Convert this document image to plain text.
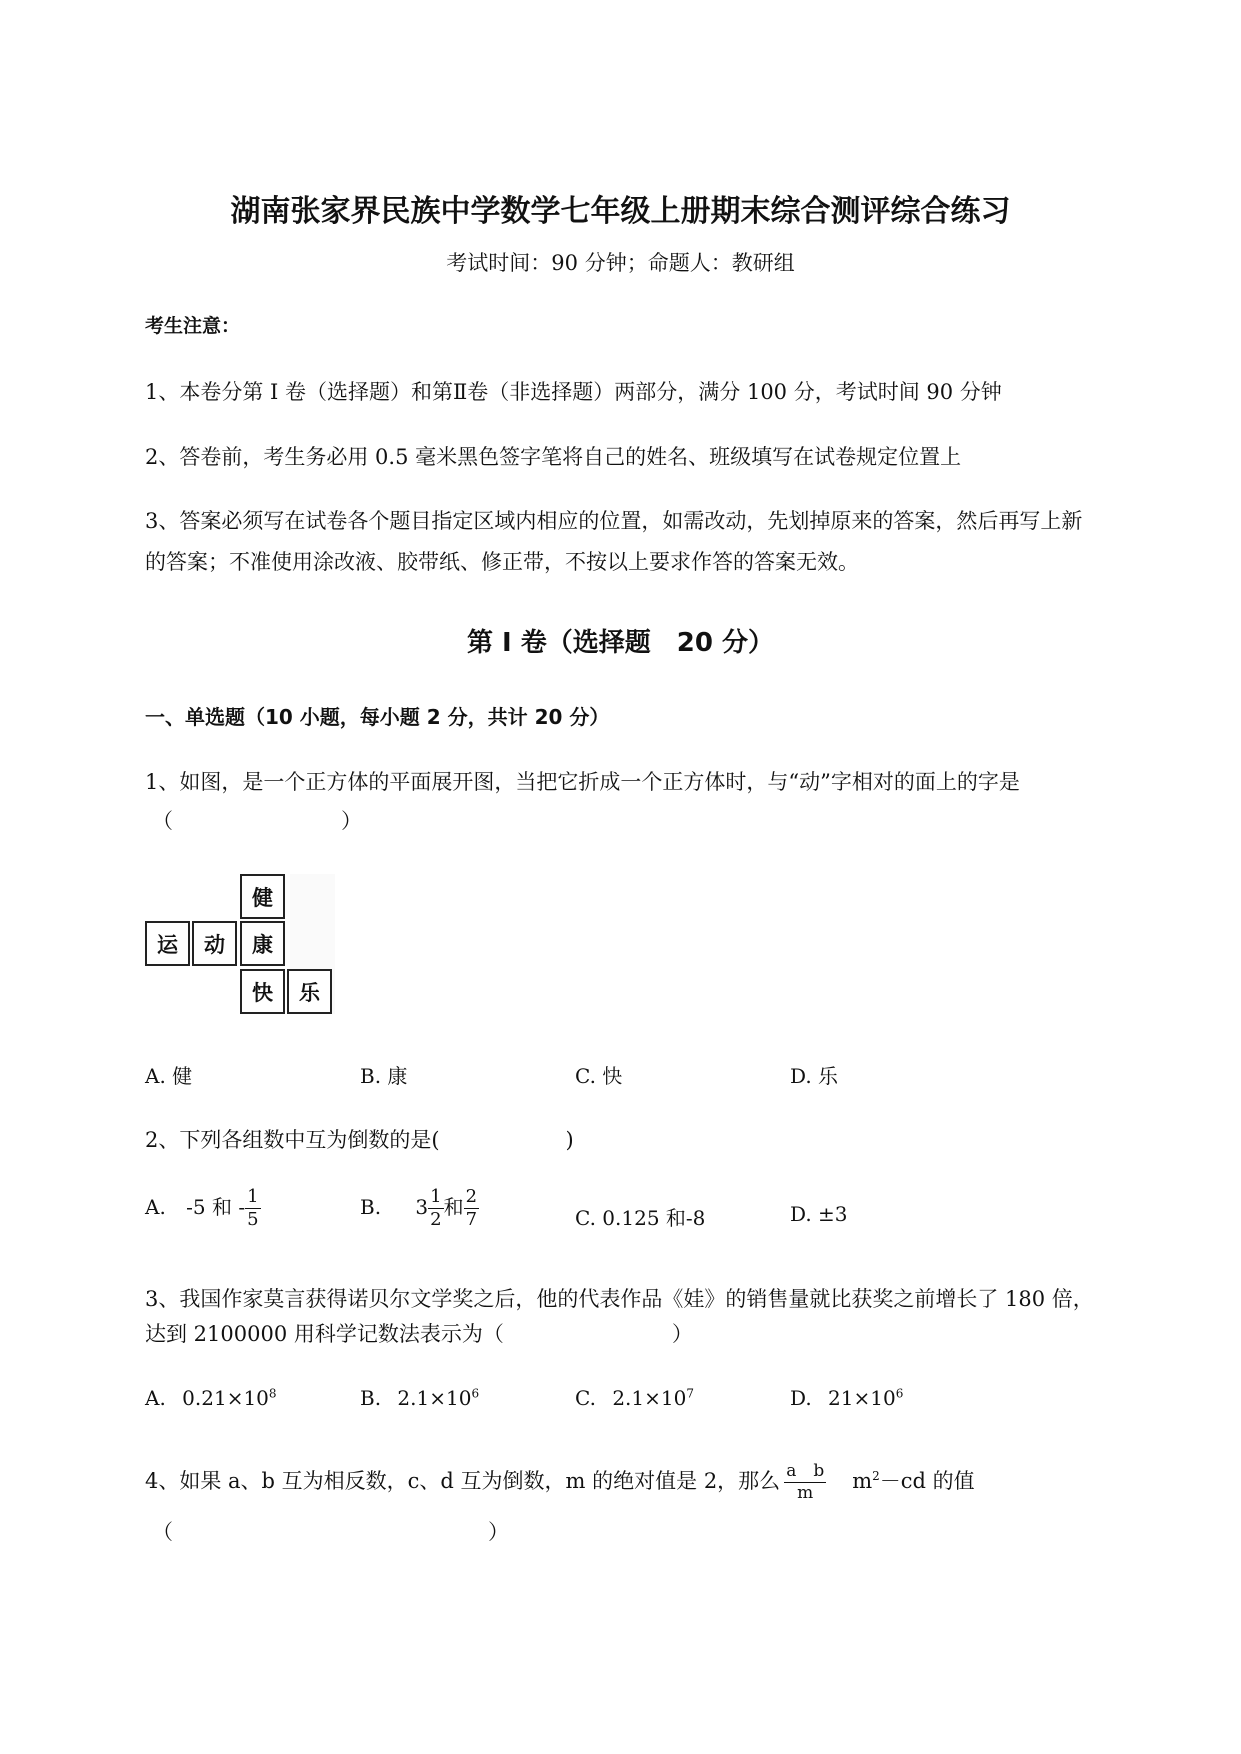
湖南张家界民族中学数学七年级上册期末综合测评综合练习
考试时间：90 分钟；命题人：教研组
考生注意：
1、本卷分第 I 卷（选择题）和第Ⅱ卷（非选择题）两部分，满分 100 分，考试时间 90 分钟
2、答卷前，考生务必用 0.5 毫米黑色签字笔将自己的姓名、班级填写在试卷规定位置上
3、答案必须写在试卷各个题目指定区域内相应的位置，如需改动，先划掉原来的答案，然后再写上新
的答案；不准使用涂改液、胶带纸、修正带，不按以上要求作答的答案无效。
第 I 卷（选择题　20 分）
一、单选题（10 小题，每小题 2 分，共计 20 分）
1、如图，是一个正方体的平面展开图，当把它折成一个正方体时，与“动”字相对的面上的字是
（　　　　　　　　）
健
运	动	康
快	乐
A. 健	B. 康	C. 快	D. 乐
2、下列各组数中互为倒数的是(　　　　　　)
A. -5 和 - $\frac{1}{5}$	B. $3 \frac{1}{2}$ 和 $\frac{2}{7}$	C. 0.125 和-8	D. ±3
3、我国作家莫言获得诺贝尔文学奖之后，他的代表作品《娃》的销售量就比获奖之前增长了 180 倍，
达到 2100000 用科学记数法表示为（　　　　　　　　）
A. $0.21\times 10^8$	B. $2.1\times 10^6$	C. $2.1\times 10^7$	D. $21\times 10^6$
4、如果 a、b 互为相反数，c、d 互为倒数，m 的绝对值是 2，那么 $\frac{\text{a　b}}{m} m^2-cd$ 的值
（　　　　　　　　　　　　　　　）
